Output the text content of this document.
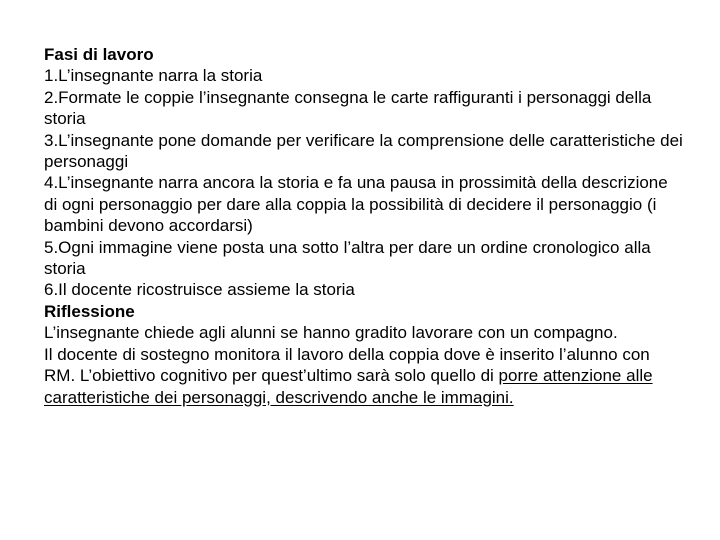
Fasi di lavoro
1.L’insegnante narra la storia
2.Formate le coppie l’insegnante consegna le carte raffiguranti i personaggi della storia
3.L’insegnante pone domande per verificare la comprensione delle caratteristiche dei personaggi
4.L’insegnante narra ancora la storia e fa una pausa in prossimità della descrizione di ogni personaggio per dare alla coppia la possibilità di decidere il personaggio (i bambini devono accordarsi)
5.Ogni immagine viene posta una sotto l’altra per dare un ordine cronologico alla storia
6.Il docente ricostruisce assieme la storia
Riflessione
L’insegnante chiede agli alunni se hanno gradito lavorare con un compagno.
Il docente di sostegno monitora il lavoro della coppia dove è inserito l’alunno con RM. L’obiettivo cognitivo per quest’ultimo sarà solo quello di porre attenzione alle caratteristiche dei personaggi, descrivendo anche le immagini.
